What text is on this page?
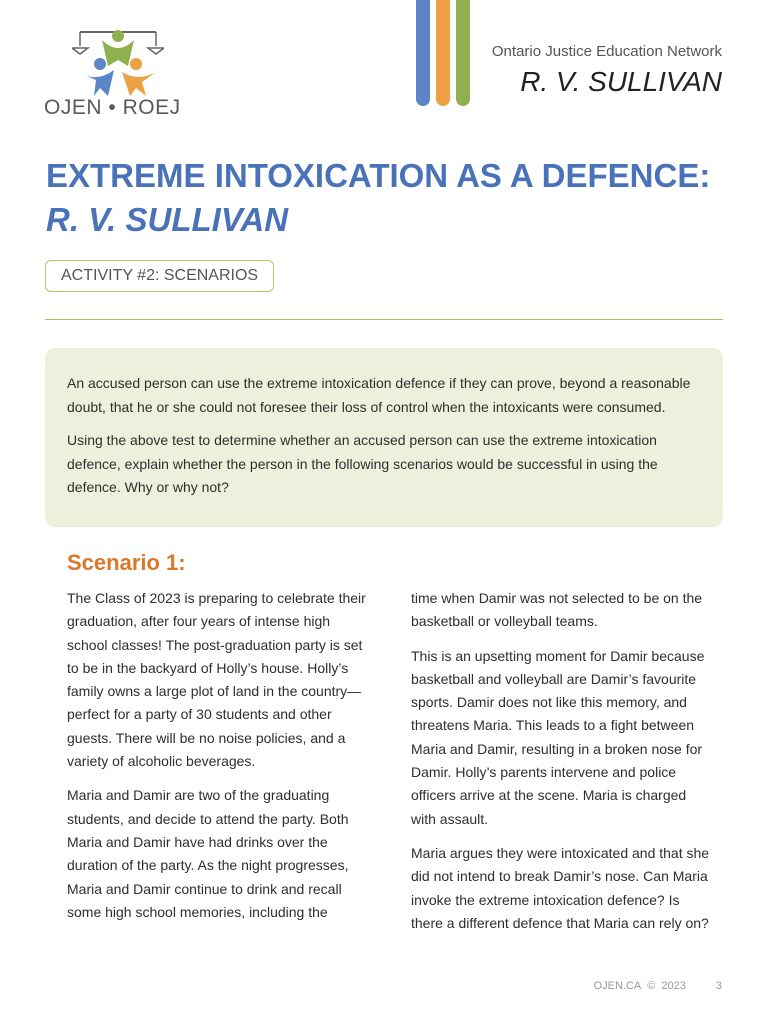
OJEN • ROEJ
Ontario Justice Education Network
R. V. SULLIVAN
EXTREME INTOXICATION AS A DEFENCE:
R. V. SULLIVAN
ACTIVITY #2: SCENARIOS

An accused person can use the extreme intoxication defence if they can prove, beyond a reasonable doubt, that he or she could not foresee their loss of control when the intoxicants were consumed.

Using the above test to determine whether an accused person can use the extreme intoxication defence, explain whether the person in the following scenarios would be successful in using the defence. Why or why not?

Scenario 1:

The Class of 2023 is preparing to celebrate their graduation, after four years of intense high school classes! The post-graduation party is set to be in the backyard of Holly’s house. Holly’s family owns a large plot of land in the country—perfect for a party of 30 students and other guests. There will be no noise policies, and a variety of alcoholic beverages.

Maria and Damir are two of the graduating students, and decide to attend the party. Both Maria and Damir have had drinks over the duration of the party. As the night progresses, Maria and Damir continue to drink and recall some high school memories, including the

time when Damir was not selected to be on the basketball or volleyball teams.

This is an upsetting moment for Damir because basketball and volleyball are Damir’s favourite sports. Damir does not like this memory, and threatens Maria. This leads to a fight between Maria and Damir, resulting in a broken nose for Damir. Holly’s parents intervene and police officers arrive at the scene. Maria is charged with assault.

Maria argues they were intoxicated and that she did not intend to break Damir’s nose. Can Maria invoke the extreme intoxication defence? Is there a different defence that Maria can rely on?

OJEN.CA © 2023	3
